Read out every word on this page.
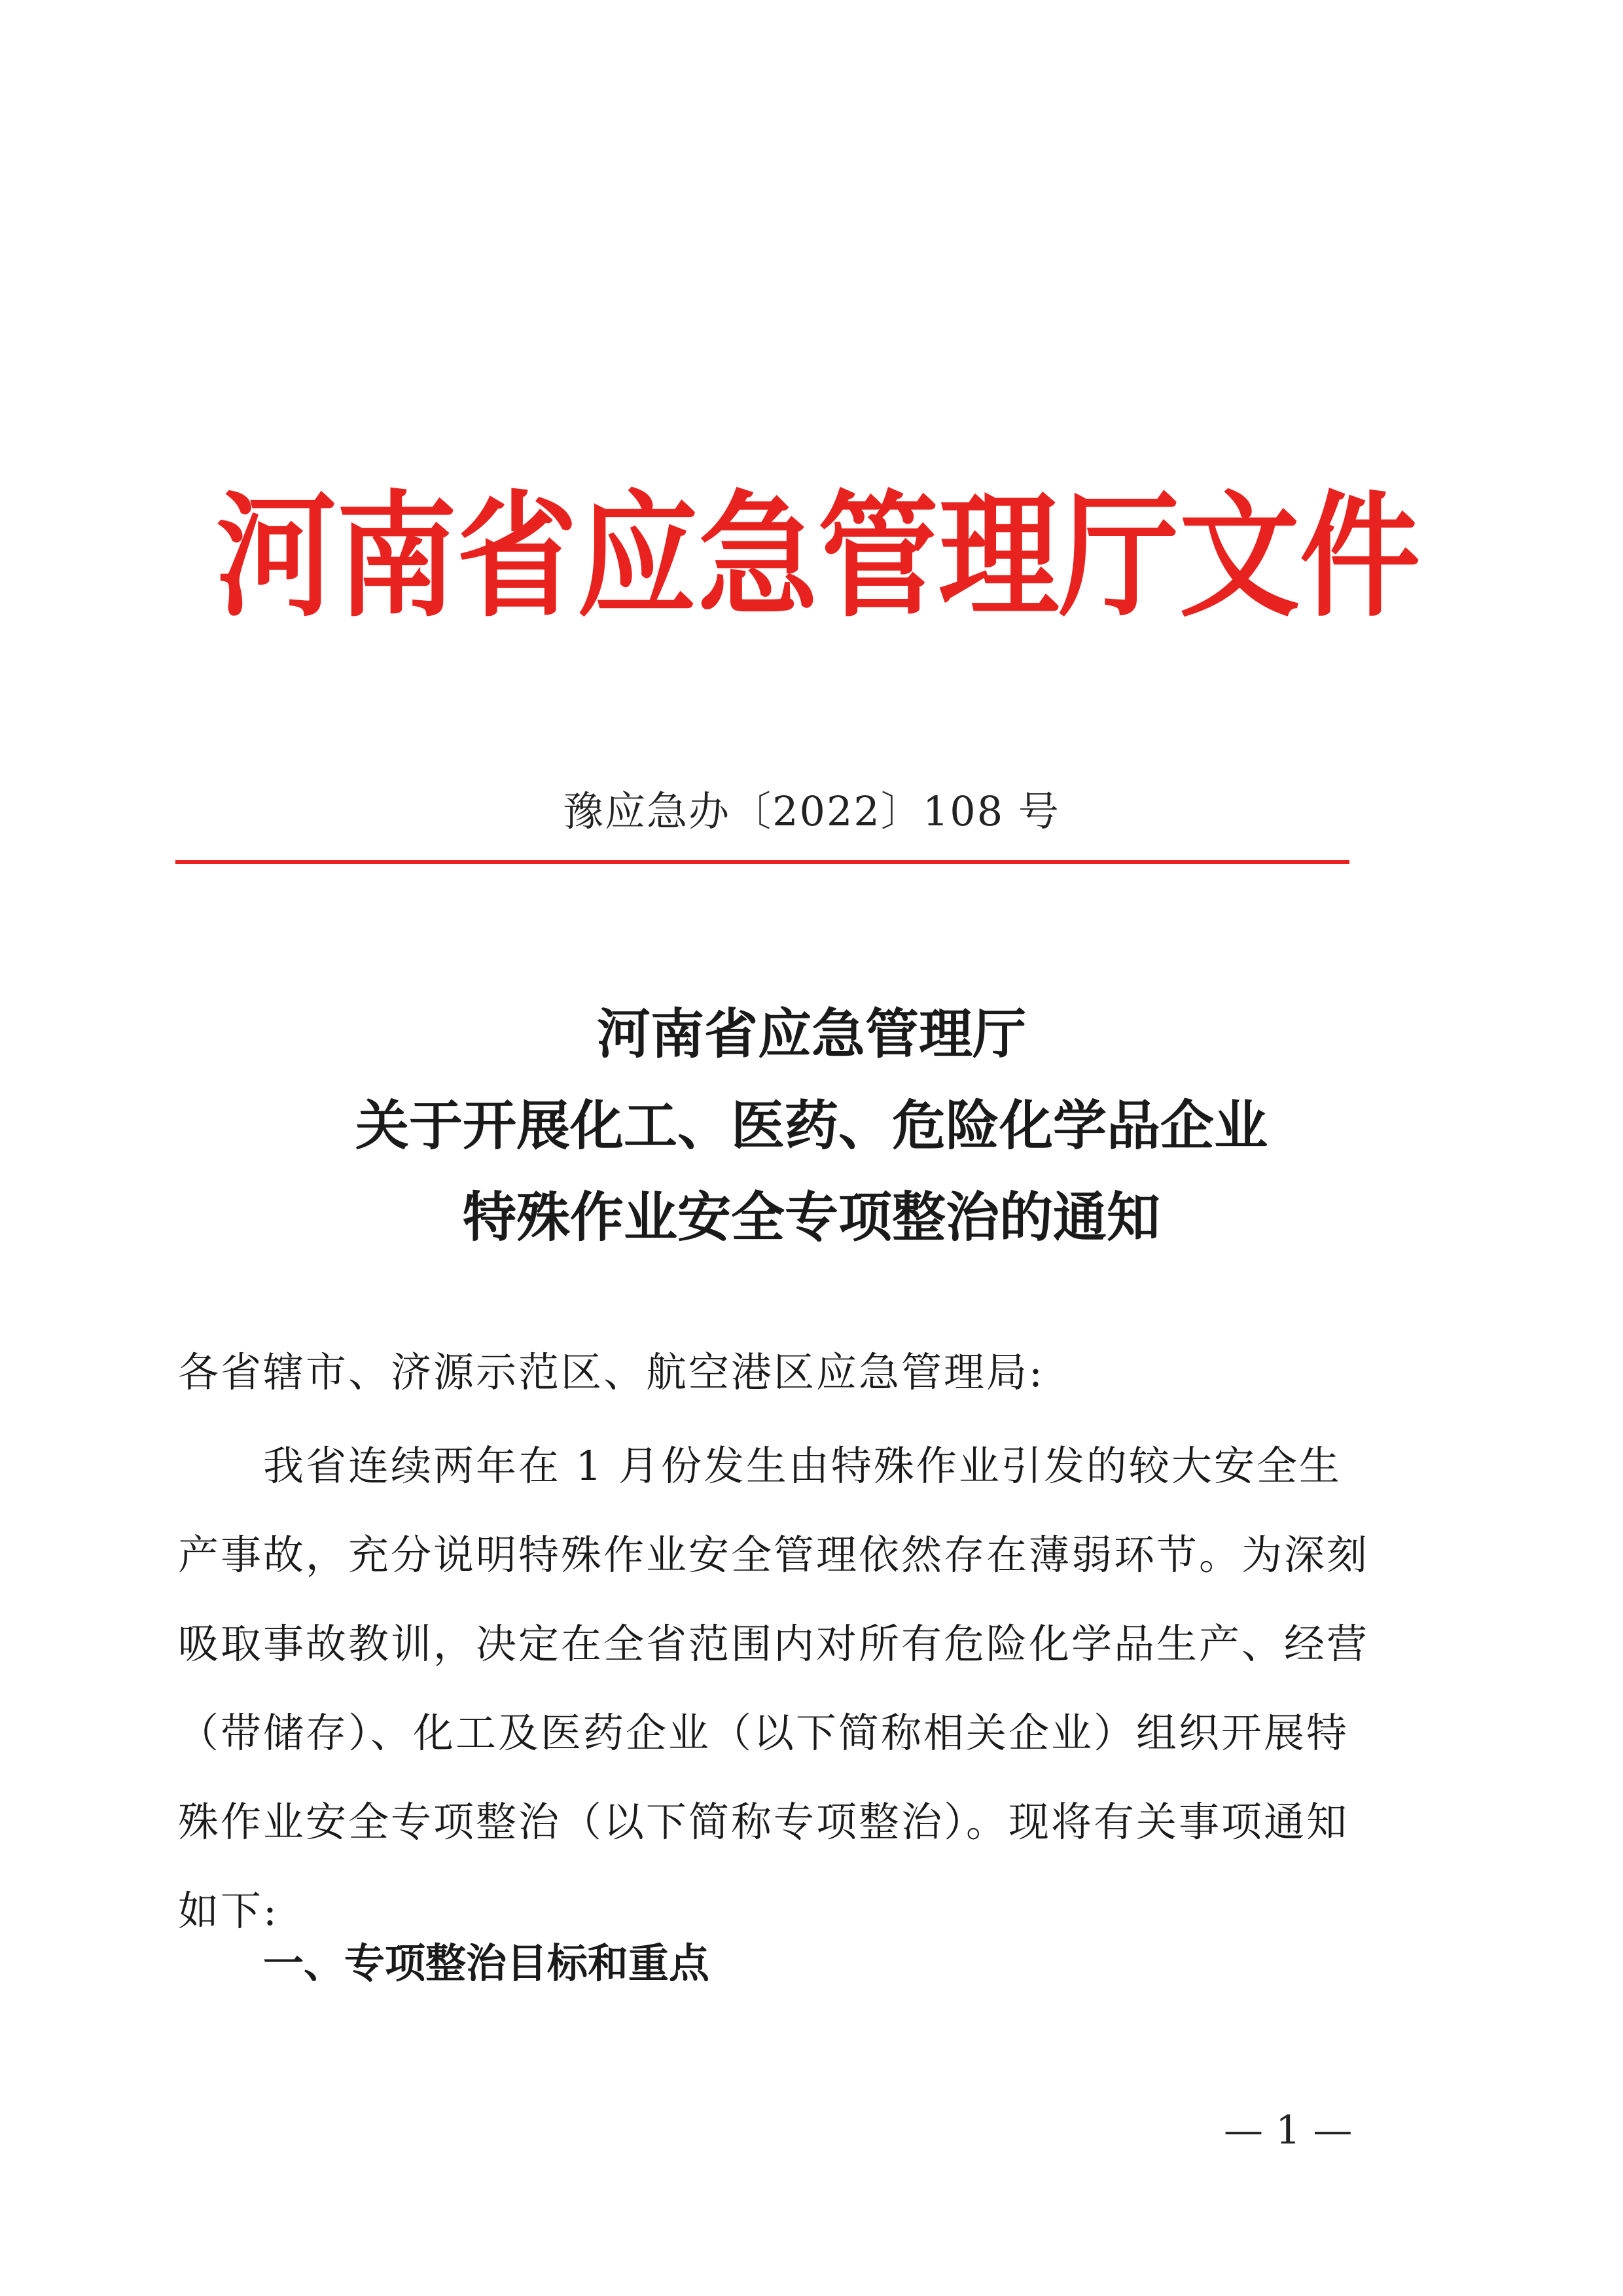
河南省应急管理厅文件
豫应急办〔2022〕108 号
河南省应急管理厅
关于开展化工、医药、危险化学品企业
特殊作业安全专项整治的通知
各省辖市、济源示范区、航空港区应急管理局:

我省连续两年在 1 月份发生由特殊作业引发的较大安全生
产事故，充分说明特殊作业安全管理依然存在薄弱环节。为深刻
吸取事故教训，决定在全省范围内对所有危险化学品生产、经营
（带储存）、化工及医药企业（以下简称相关企业）组织开展特
殊作业安全专项整治（以下简称专项整治）。现将有关事项通知
如下:

一、专项整治目标和重点
— 1 —
